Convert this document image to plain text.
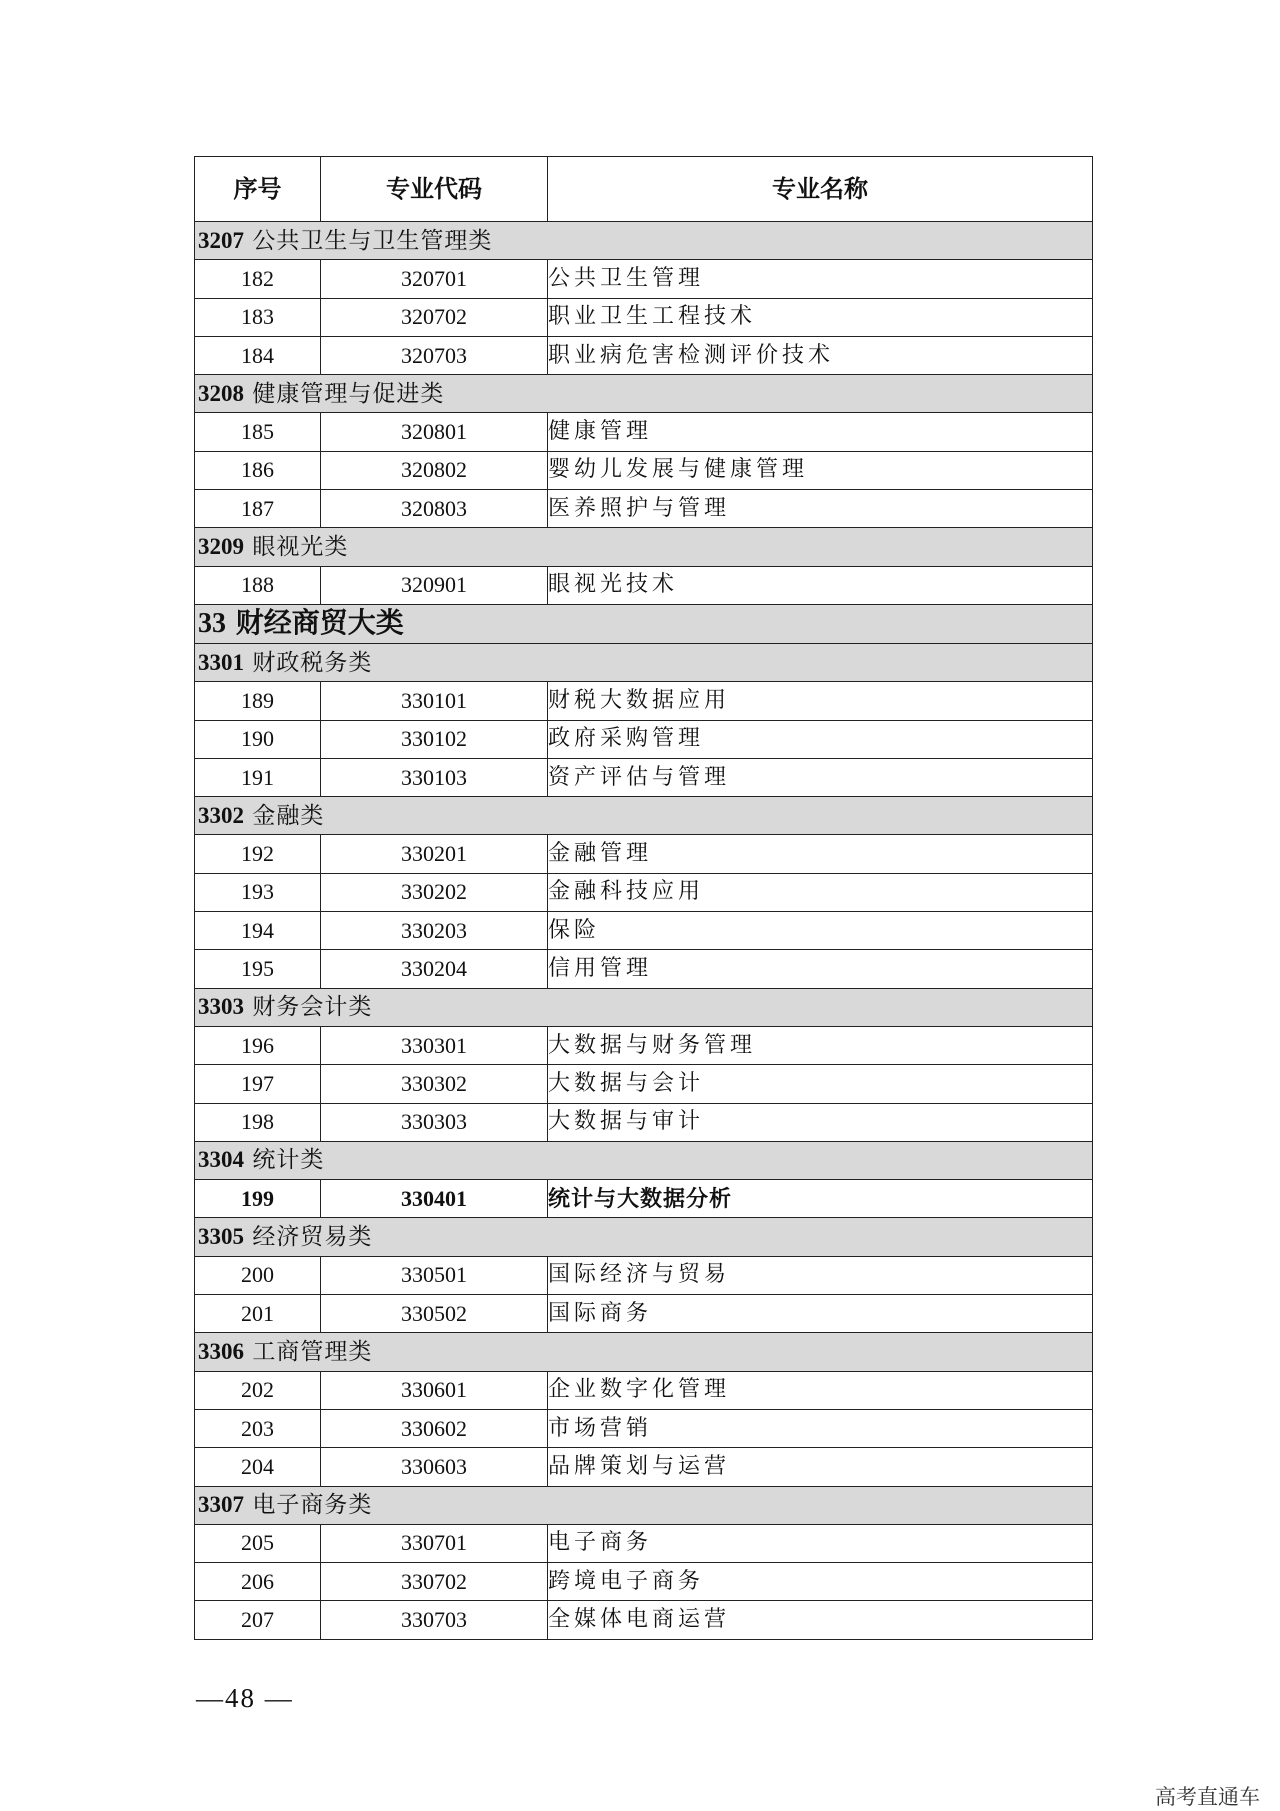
序号	专业代码	专业名称
3207 公共卫生与卫生管理类		
182	320701	公共卫生管理
183	320702	职业卫生工程技术
184	320703	职业病危害检测评价技术
3208 健康管理与促进类		
185	320801	健康管理
186	320802	婴幼儿发展与健康管理
187	320803	医养照护与管理
3209 眼视光类		
188	320901	眼视光技术
33 财经商贸大类		
3301 财政税务类		
189	330101	财税大数据应用
190	330102	政府采购管理
191	330103	资产评估与管理
3302 金融类		
192	330201	金融管理
193	330202	金融科技应用
194	330203	保险
195	330204	信用管理
3303 财务会计类		
196	330301	大数据与财务管理
197	330302	大数据与会计
198	330303	大数据与审计
3304 统计类		
199	330401	统计与大数据分析
3305 经济贸易类		
200	330501	国际经济与贸易
201	330502	国际商务
3306 工商管理类		
202	330601	企业数字化管理
203	330602	市场营销
204	330603	品牌策划与运营
3307 电子商务类		
205	330701	电子商务
206	330702	跨境电子商务
207	330703	全媒体电商运营
—48 —
高考直通车
